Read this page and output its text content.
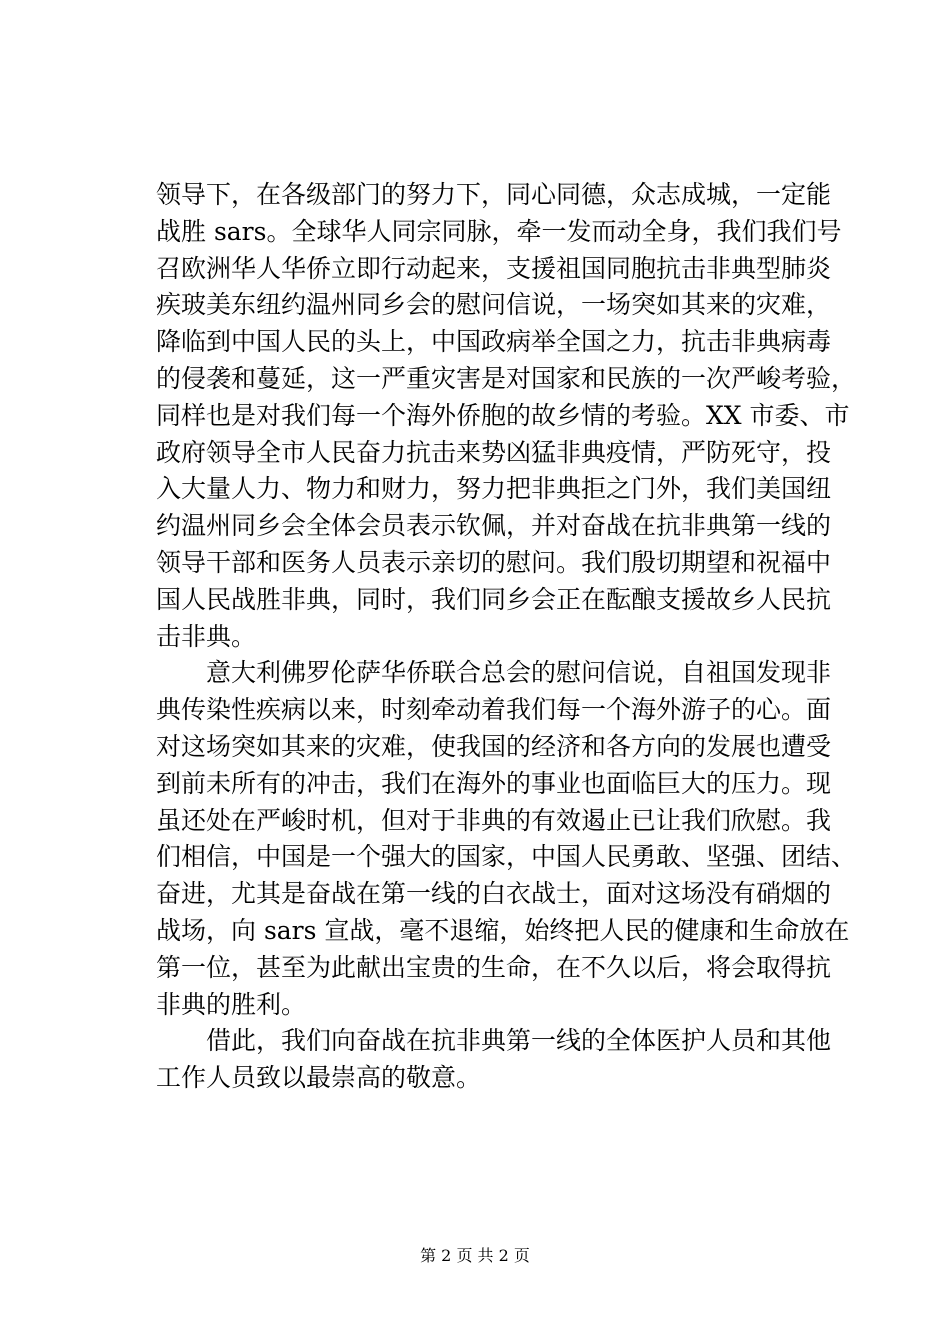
领导下，在各级部门的努力下，同心同德，众志成城，一定能
战胜 sars。全球华人同宗同脉，牵一发而动全身，我们我们号
召欧洲华人华侨立即行动起来，支援祖国同胞抗击非典型肺炎
疾玻美东纽约温州同乡会的慰问信说，一场突如其来的灾难，
降临到中国人民的头上，中国政病举全国之力，抗击非典病毒
的侵袭和蔓延，这一严重灾害是对国家和民族的一次严峻考验，
同样也是对我们每一个海外侨胞的故乡情的考验。XX 市委、市
政府领导全市人民奋力抗击来势凶猛非典疫情，严防死守，投
入大量人力、物力和财力，努力把非典拒之门外，我们美国纽
约温州同乡会全体会员表示钦佩，并对奋战在抗非典第一线的
领导干部和医务人员表示亲切的慰问。我们殷切期望和祝福中
国人民战胜非典，同时，我们同乡会正在酝酿支援故乡人民抗
击非典。
　　意大利佛罗伦萨华侨联合总会的慰问信说，自祖国发现非
典传染性疾病以来，时刻牵动着我们每一个海外游子的心。面
对这场突如其来的灾难，使我国的经济和各方向的发展也遭受
到前未所有的冲击，我们在海外的事业也面临巨大的压力。现
虽还处在严峻时机，但对于非典的有效遏止已让我们欣慰。我
们相信，中国是一个强大的国家，中国人民勇敢、坚强、团结、
奋进，尤其是奋战在第一线的白衣战士，面对这场没有硝烟的
战场，向 sars 宣战，毫不退缩，始终把人民的健康和生命放在
第一位，甚至为此献出宝贵的生命，在不久以后，将会取得抗
非典的胜利。
　　借此，我们向奋战在抗非典第一线的全体医护人员和其他
工作人员致以最崇高的敬意。
第 2 页 共 2 页
